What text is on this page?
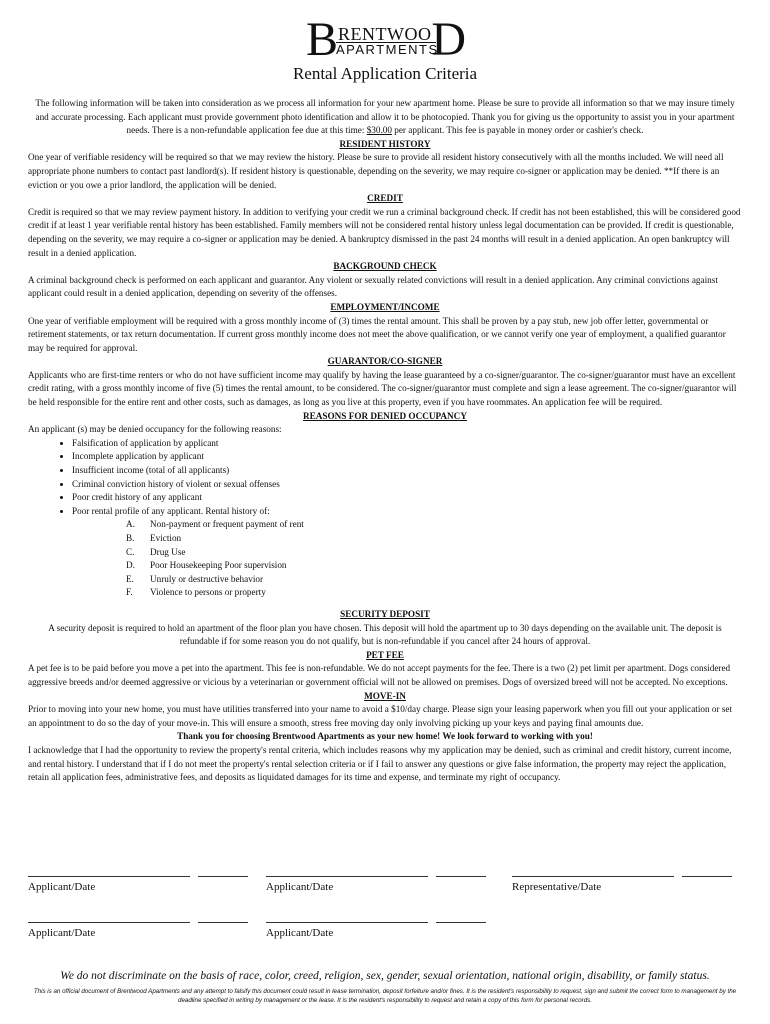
B D
RENTWOO
APARTMENTS
Rental Application Criteria
The following information will be taken into consideration as we process all information for your new apartment home. Please be sure to provide all information so that we may insure timely and accurate processing. Each applicant must provide government photo identification and allow it to be photocopied. Thank you for giving us the opportunity to assist you in your apartment needs. There is a non-refundable application fee due at this time: $30.00 per applicant. This fee is payable in money order or cashier's check.
RESIDENT HISTORY
One year of verifiable residency will be required so that we may review the history. Please be sure to provide all resident history consecutively with all the months included. We will need all appropriate phone numbers to contact past landlord(s). If resident history is questionable, depending on the severity, we may require co-signer or application may be denied. **If there is an eviction or you owe a prior landlord, the application will be denied.
CREDIT
Credit is required so that we may review payment history. In addition to verifying your credit we run a criminal background check. If credit has not been established, this will be considered good credit if at least 1 year verifiable rental history has been established. Family members will not be considered rental history unless legal documentation can be provided. If credit is questionable, depending on the severity, we may require a co-signer or application may be denied. A bankruptcy dismissed in the past 24 months will result in a denied application. An open bankruptcy will result in a denied application.
BACKGROUND CHECK
A criminal background check is performed on each applicant and guarantor. Any violent or sexually related convictions will result in a denied application. Any criminal convictions against applicant could result in a denied application, depending on severity of the offenses.
EMPLOYMENT/INCOME
One year of verifiable employment will be required with a gross monthly income of (3) times the rental amount. This shall be proven by a pay stub, new job offer letter, governmental or retirement statements, or tax return documentation. If current gross monthly income does not meet the above qualification, or we cannot verify one year of employment, a qualified guarantor may be required for approval.
GUARANTOR/CO-SIGNER
Applicants who are first-time renters or who do not have sufficient income may qualify by having the lease guaranteed by a co-signer/guarantor. The co-signer/guarantor must have an excellent credit rating, with a gross monthly income of five (5) times the rental amount, to be considered. The co-signer/guarantor must complete and sign a lease agreement. The co-signer/guarantor will be held responsible for the entire rent and other costs, such as damages, as long as you live at this property, even if you have roommates. An application fee will be required.
REASONS FOR DENIED OCCUPANCY
An applicant (s) may be denied occupancy for the following reasons:
• Falsification of application by applicant
• Incomplete application by applicant
• Insufficient income (total of all applicants)
• Criminal conviction history of violent or sexual offenses
• Poor credit history of any applicant
• Poor rental profile of any applicant. Rental history of:
A. Non-payment or frequent payment of rent
B. Eviction
C. Drug Use
D. Poor Housekeeping Poor supervision
E. Unruly or destructive behavior
F. Violence to persons or property
SECURITY DEPOSIT
A security deposit is required to hold an apartment of the floor plan you have chosen. This deposit will hold the apartment up to 30 days depending on the available unit. The deposit is refundable if for some reason you do not qualify, but is non-refundable if you cancel after 24 hours of approval.
PET FEE
A pet fee is to be paid before you move a pet into the apartment. This fee is non-refundable. We do not accept payments for the fee. There is a two (2) pet limit per apartment. Dogs considered aggressive breeds and/or deemed aggressive or vicious by a veterinarian or government official will not be allowed on premises. Dogs of oversized breed will not be accepted. No exceptions.
MOVE-IN
Prior to moving into your new home, you must have utilities transferred into your name to avoid a $10/day charge. Please sign your leasing paperwork when you fill out your application or set an appointment to do so the day of your move-in. This will ensure a smooth, stress free moving day only involving picking up your keys and paying final amounts due.
Thank you for choosing Brentwood Apartments as your new home! We look forward to working with you!
I acknowledge that I had the opportunity to review the property's rental criteria, which includes reasons why my application may be denied, such as criminal and credit history, current income, and rental history. I understand that if I do not meet the property's rental selection criteria or if I fail to answer any questions or give false information, the property may reject the application, retain all application fees, administrative fees, and deposits as liquidated damages for its time and expense, and terminate my right of occupancy.
Applicant/Date	Applicant/Date	Representative/Date
Applicant/Date	Applicant/Date
We do not discriminate on the basis of race, color, creed, religion, sex, gender, sexual orientation, national origin, disability, or family status.
This is an official document of Brentwood Apartments and any attempt to falsify this document could result in lease termination, deposit forfeiture and/or fines. It is the resident's responsibility to request, sign and submit the correct form to management by the deadline specified in writing by management or the lease. It is the resident's responsibility to request and retain a copy of this form for personal records.
